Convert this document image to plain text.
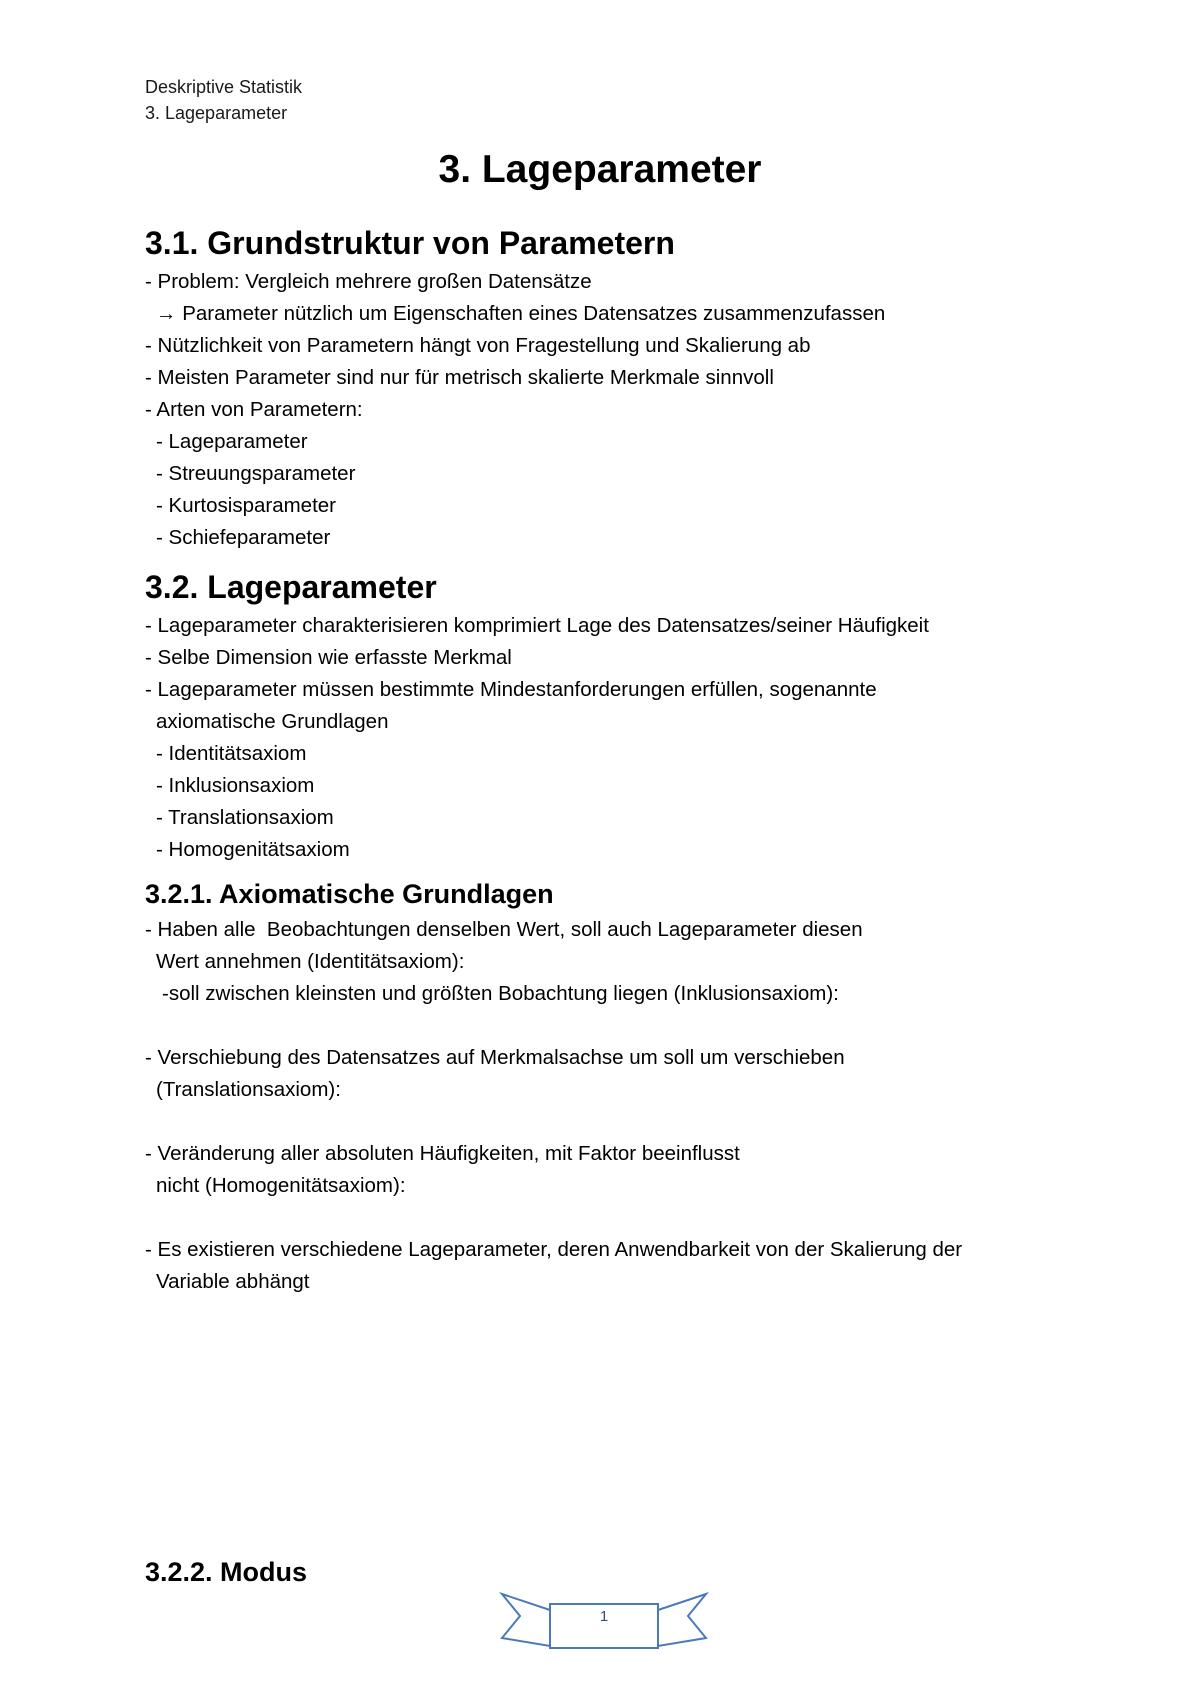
Deskriptive Statistik
3. Lageparameter
3. Lageparameter
3.1. Grundstruktur von Parametern
- Problem: Vergleich mehrere großen Datensätze
→ Parameter nützlich um Eigenschaften eines Datensatzes zusammenzufassen
- Nützlichkeit von Parametern hängt von Fragestellung und Skalierung ab
- Meisten Parameter sind nur für metrisch skalierte Merkmale sinnvoll
- Arten von Parametern:
- Lageparameter
- Streuungsparameter
- Kurtosisparameter
- Schiefeparameter
3.2. Lageparameter
- Lageparameter charakterisieren komprimiert Lage des Datensatzes/seiner Häufigkeit
- Selbe Dimension wie erfasste Merkmal
- Lageparameter müssen bestimmte Mindestanforderungen erfüllen, sogenannte
axiomatische Grundlagen
- Identitätsaxiom
- Inklusionsaxiom
- Translationsaxiom
- Homogenitätsaxiom
3.2.1. Axiomatische Grundlagen
- Haben alle  Beobachtungen denselben Wert, soll auch Lageparameter diesen
Wert annehmen (Identitätsaxiom):
-soll zwischen kleinsten und größten Bobachtung liegen (Inklusionsaxiom):
- Verschiebung des Datensatzes auf Merkmalsachse um soll um verschieben
(Translationsaxiom):
- Veränderung aller absoluten Häufigkeiten, mit Faktor beeinflusst
nicht (Homogenitätsaxiom):
- Es existieren verschiedene Lageparameter, deren Anwendbarkeit von der Skalierung der
Variable abhängt
3.2.2. Modus
1
